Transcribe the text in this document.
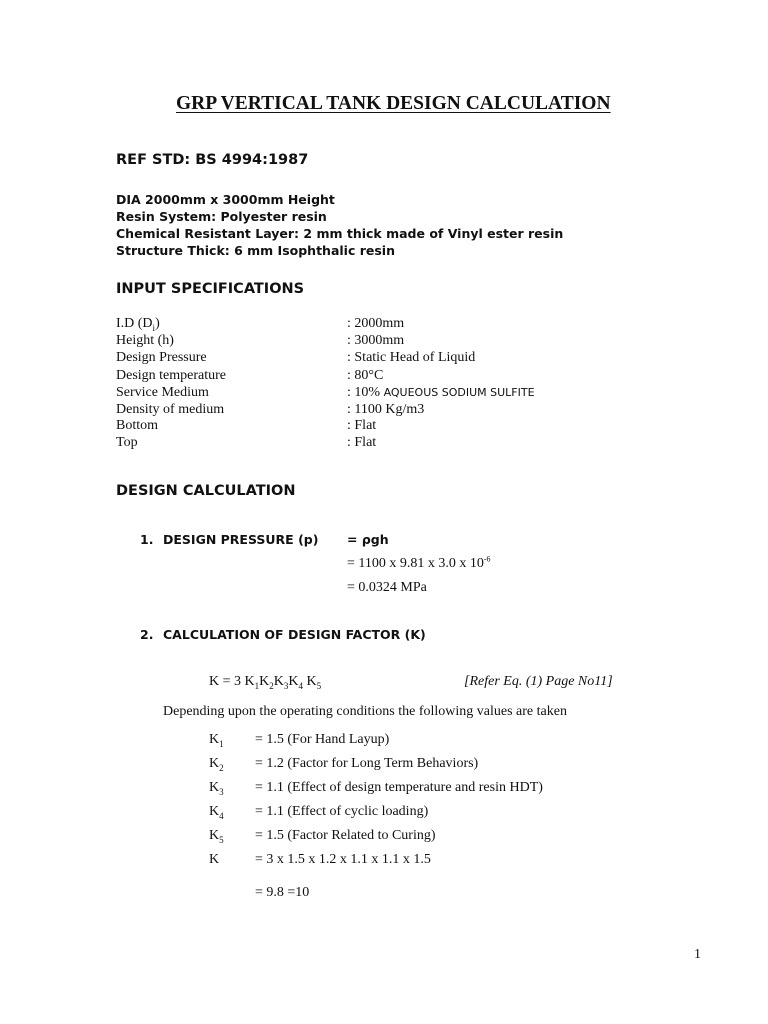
GRP VERTICAL TANK DESIGN CALCULATION
REF STD: BS 4994:1987
DIA 2000mm x 3000mm Height
Resin System: Polyester resin
Chemical Resistant Layer: 2 mm thick made of Vinyl ester resin
Structure Thick: 6 mm Isophthalic resin
INPUT SPECIFICATIONS
I.D $(D_i)$	: 2000mm
Height (h)	: 3000mm
Design Pressure	: Static Head of Liquid
Design temperature	: 80°C
Service Medium	: 10% AQUEOUS SODIUM SULFITE
Density of medium	: 1100 Kg/m3
Bottom	: Flat
Top	: Flat
DESIGN CALCULATION
1. DESIGN PRESSURE (p) = ρgh
= 1100 x 9.81 x 3.0 x $10^{-6}$
= 0.0324 MPa
2. CALCULATION OF DESIGN FACTOR (K)
K = 3 $K_1K_2K_3K_4$ $K_5$	[Refer Eq. (1) Page No11]
Depending upon the operating conditions the following values are taken
$K_1 = 1.5$ (For Hand Layup)
$K_2 = 1.2$ (Factor for Long Term Behaviors)
$K_3 = 1.1$ (Effect of design temperature and resin HDT)
$K_4 = 1.1$ (Effect of cyclic loading)
$K_5 = 1.5$ (Factor Related to Curing)
K	= 3 x 1.5 x 1.2 x 1.1 x 1.1 x 1.5
= 9.8 =10
1
